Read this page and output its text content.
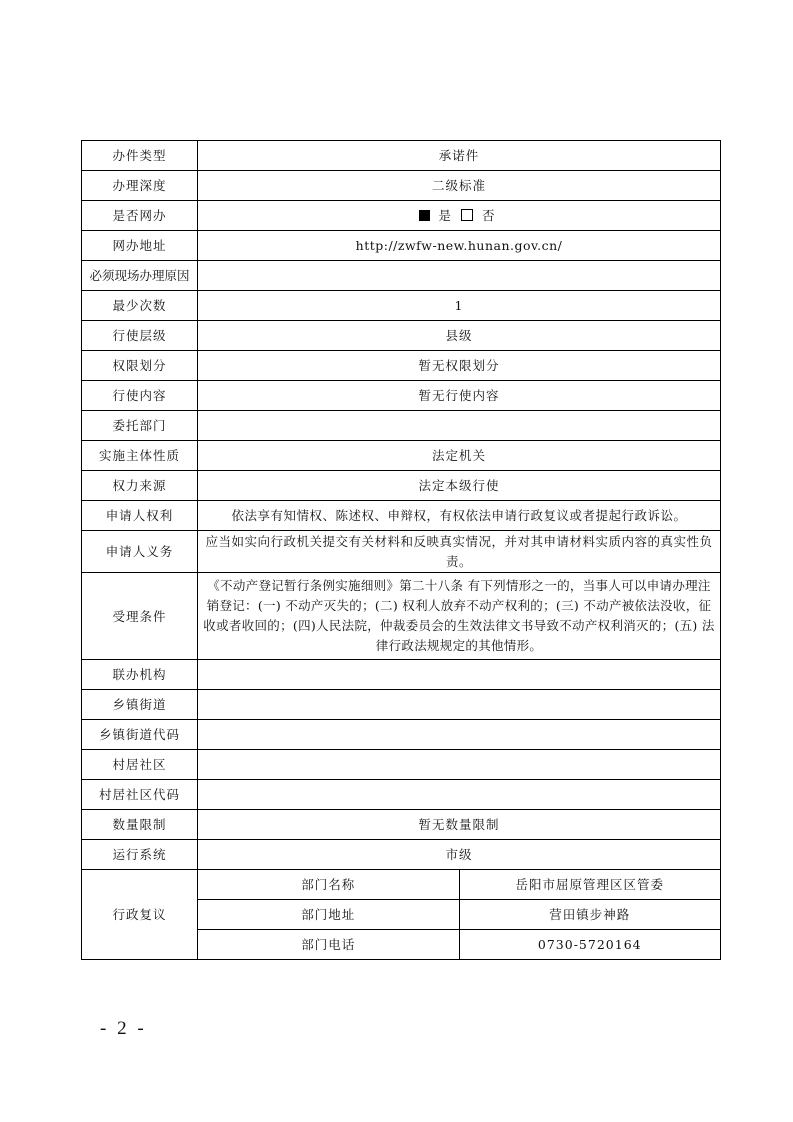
办件类型	承诺件	
办理深度	二级标准	
是否网办	是 否	
网办地址	http://zwfw-new.hunan.gov.cn/	
必须现场办理原因		
最少次数	1	
行使层级	县级	
权限划分	暂无权限划分	
行使内容	暂无行使内容	
委托部门		
实施主体性质	法定机关	
权力来源	法定本级行使	
申请人权利	依法享有知情权、陈述权、申辩权，有权依法申请行政复议或者提起行政诉讼。	
申请人义务	应当如实向行政机关提交有关材料和反映真实情况，并对其申请材料实质内容的真实性负责。	
受理条件	《不动产登记暂行条例实施细则》第二十八条 有下列情形之一的，当事人可以申请办理注销登记：(一) 不动产灭失的；(二) 权利人放弃不动产权利的；(三) 不动产被依法没收，征收或者收回的；(四)人民法院，仲裁委员会的生效法律文书导致不动产权利消灭的；(五) 法律行政法规规定的其他情形。	
联办机构		
乡镇街道		
乡镇街道代码		
村居社区		
村居社区代码		
数量限制	暂无数量限制	
运行系统	市级	
行政复议	部门名称	岳阳市屈原管理区区管委
	部门地址	营田镇步神路
	部门电话	0730-5720164
- 2 -
